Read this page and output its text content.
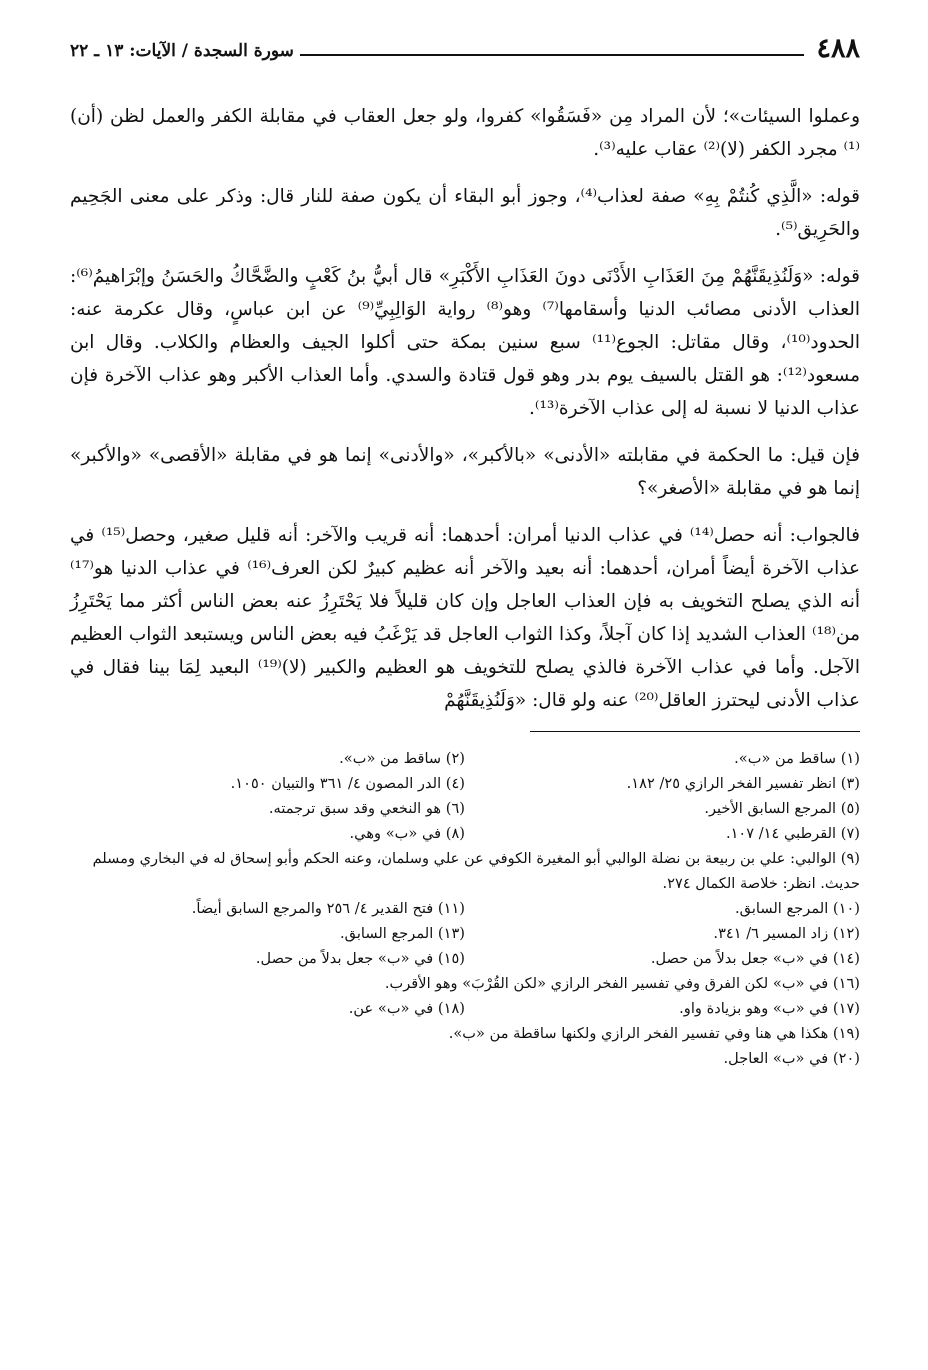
٤٨٨
سورة السجدة / الآيات: ١٣ ـ ٢٢

وعملوا السيئات»؛ لأن المراد مِن «فَسَقُوا» كفروا، ولو جعل العقاب في مقابلة الكفر والعمل لظن (أن)⁽¹⁾ مجرد الكفر (لا)⁽²⁾ عقاب عليه⁽³⁾.

قوله: «الَّذِي كُنتُمْ بِهِ» صفة لعذاب⁽⁴⁾، وجوز أبو البقاء أن يكون صفة للنار قال: وذكر على معنى الجَحِيم والحَرِيق⁽⁵⁾.

قوله: «وَلَنُذِيقَنَّهُمْ مِنَ العَذَابِ الأَدْنَى دونَ العَذَابِ الأَكْبَرِ» قال أبيُّ بنُ كَعْبٍ والضَّحَّاكُ والحَسَنُ وإبْرَاهيمُ⁽⁶⁾: العذاب الأدنى مصائب الدنيا وأسقامها⁽⁷⁾ وهو⁽⁸⁾ رواية الوَالِبِيِّ⁽⁹⁾ عن ابن عباسٍ، وقال عكرمة عنه: الحدود⁽¹⁰⁾، وقال مقاتل: الجوع⁽¹¹⁾ سبع سنين بمكة حتى أكلوا الجيف والعظام والكلاب. وقال ابن مسعود⁽¹²⁾: هو القتل بالسيف يوم بدر وهو قول قتادة والسدي. وأما العذاب الأكبر وهو عذاب الآخرة فإن عذاب الدنيا لا نسبة له إلى عذاب الآخرة⁽¹³⁾.

فإن قيل: ما الحكمة في مقابلته «الأدنى» «بالأكبر»، «والأدنى» إنما هو في مقابلة «الأقصى» «والأكبر» إنما هو في مقابلة «الأصغر»؟

فالجواب: أنه حصل⁽¹⁴⁾ في عذاب الدنيا أمران: أحدهما: أنه قريب والآخر: أنه قليل صغير، وحصل⁽¹⁵⁾ في عذاب الآخرة أيضاً أمران، أحدهما: أنه بعيد والآخر أنه عظيم كبيرٌ لكن العرف⁽¹⁶⁾ في عذاب الدنيا هو⁽¹⁷⁾ أنه الذي يصلح التخويف به فإن العذاب العاجل وإن كان قليلاً فلا يَحْتَرِزُ عنه بعض الناس أكثر مما يَحْتَرِزُ من⁽¹⁸⁾ العذاب الشديد إذا كان آجلاً، وكذا الثواب العاجل قد يَرْغَبُ فيه بعض الناس ويستبعد الثواب العظيم الآجل. وأما في عذاب الآخرة فالذي يصلح للتخويف هو العظيم والكبير (لا)⁽¹⁹⁾ البعيد لِمَا بينا فقال في عذاب الأدنى ليحترز العاقل⁽²⁰⁾ عنه ولو قال: «وَلَنُذِيقَنَّهُمْ

(١) ساقط من «ب».
(٢) ساقط من «ب».
(٣) انظر تفسير الفخر الرازي ٢٥/ ١٨٢.
(٤) الدر المصون ٤/ ٣٦١ والتبيان ١٠٥٠.
(٥) المرجع السابق الأخير.
(٦) هو النخعي وقد سبق ترجمته.
(٧) القرطبي ١٤/ ١٠٧.
(٨) في «ب» وهي.
(٩) الوالبي: علي بن ربيعة بن نضلة الوالبي أبو المغيرة الكوفي عن علي وسلمان، وعنه الحكم وأبو إسحاق له في البخاري ومسلم حديث. انظر: خلاصة الكمال ٢٧٤.
(١٠) المرجع السابق.
(١١) فتح القدير ٤/ ٢٥٦ والمرجع السابق أيضاً.
(١٢) زاد المسير ٦/ ٣٤١.
(١٣) المرجع السابق.
(١٤) في «ب» جعل بدلاً من حصل.
(١٥) في «ب» جعل بدلاً من حصل.
(١٦) في «ب» لكن الفرق وفي تفسير الفخر الرازي «لكن القُرْبَ» وهو الأقرب.
(١٧) في «ب» وهو بزيادة واو.
(١٨) في «ب» عن.
(١٩) هكذا هي هنا وفي تفسير الفخر الرازي ولكنها ساقطة من «ب».
(٢٠) في «ب» العاجل.
